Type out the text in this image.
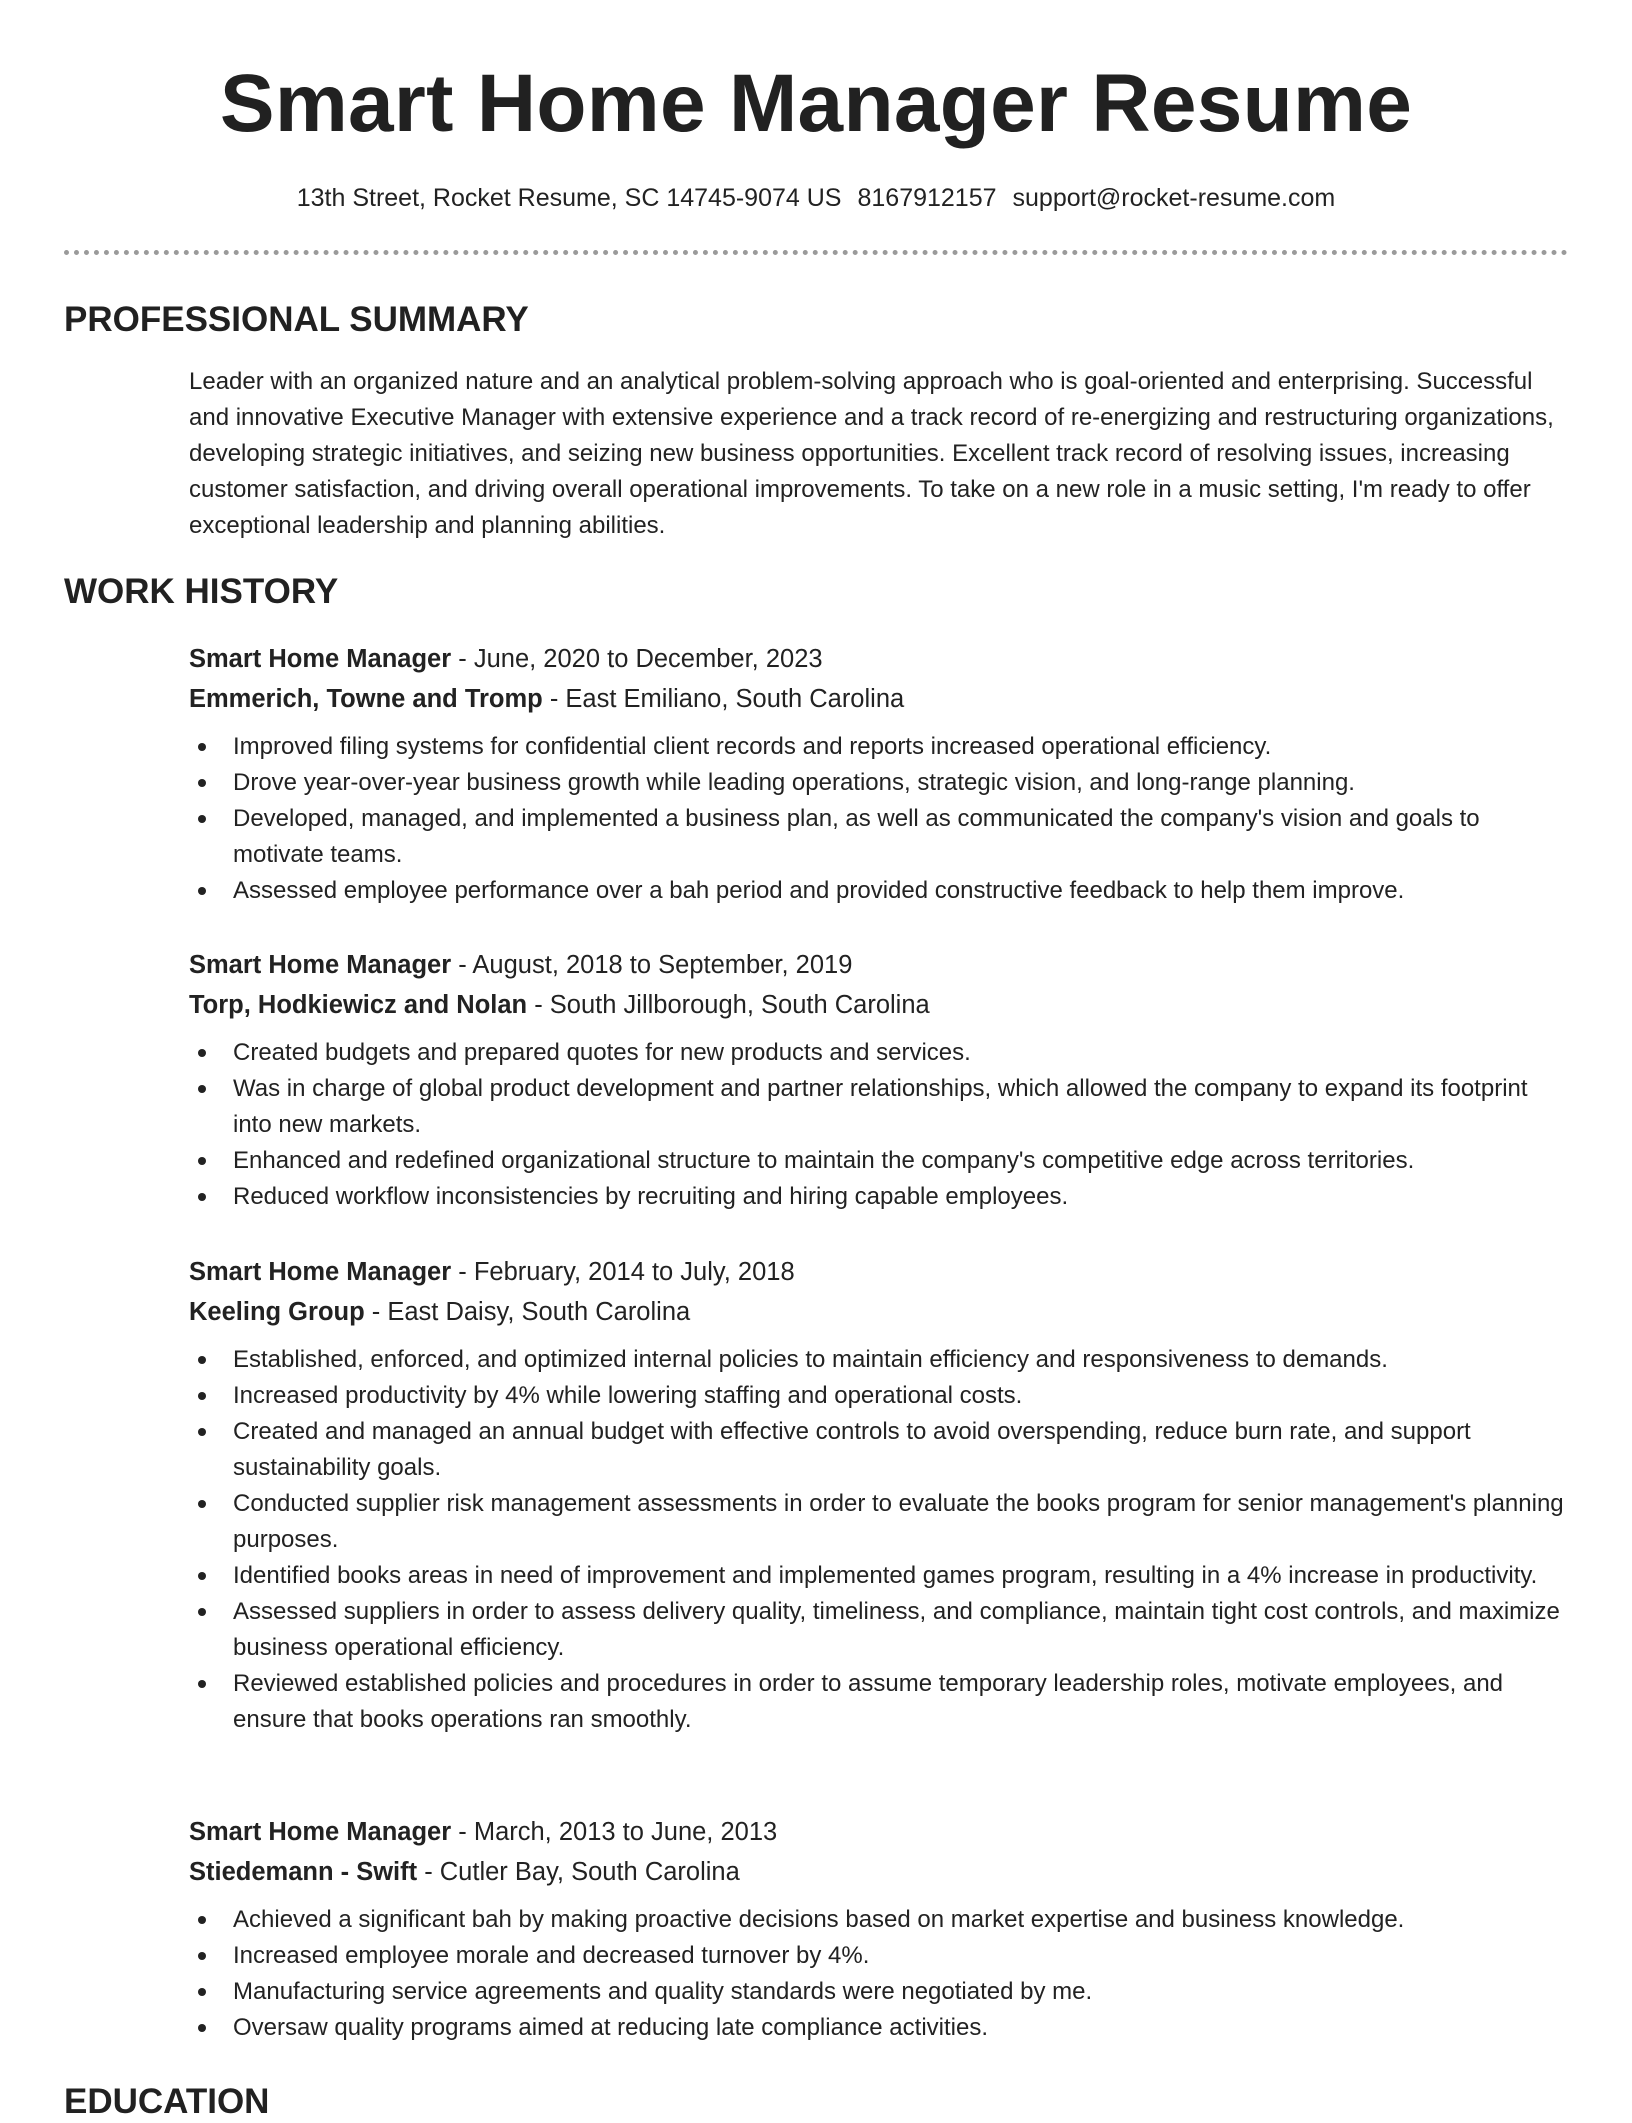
Smart Home Manager Resume
13th Street, Rocket Resume, SC 14745-9074 US 8167912157 support@rocket-resume.com
PROFESSIONAL SUMMARY

Leader with an organized nature and an analytical problem-solving approach who is goal-oriented and enterprising. Successful and innovative Executive Manager with extensive experience and a track record of re-energizing and restructuring organizations, developing strategic initiatives, and seizing new business opportunities. Excellent track record of resolving issues, increasing customer satisfaction, and driving overall operational improvements. To take on a new role in a music setting, I'm ready to offer exceptional leadership and planning abilities.

WORK HISTORY
Smart Home Manager - June, 2020 to December, 2023
Emmerich, Towne and Tromp - East Emiliano, South Carolina
Improved filing systems for confidential client records and reports increased operational efficiency.
Drove year-over-year business growth while leading operations, strategic vision, and long-range planning.
Developed, managed, and implemented a business plan, as well as communicated the company's vision and goals to motivate teams.
Assessed employee performance over a bah period and provided constructive feedback to help them improve.
Smart Home Manager - August, 2018 to September, 2019
Torp, Hodkiewicz and Nolan - South Jillborough, South Carolina
Created budgets and prepared quotes for new products and services.
Was in charge of global product development and partner relationships, which allowed the company to expand its footprint into new markets.
Enhanced and redefined organizational structure to maintain the company's competitive edge across territories.
Reduced workflow inconsistencies by recruiting and hiring capable employees.
Smart Home Manager - February, 2014 to July, 2018
Keeling Group - East Daisy, South Carolina
Established, enforced, and optimized internal policies to maintain efficiency and responsiveness to demands.
Increased productivity by 4% while lowering staffing and operational costs.
Created and managed an annual budget with effective controls to avoid overspending, reduce burn rate, and support sustainability goals.
Conducted supplier risk management assessments in order to evaluate the books program for senior management's planning purposes.
Identified books areas in need of improvement and implemented games program, resulting in a 4% increase in productivity.
Assessed suppliers in order to assess delivery quality, timeliness, and compliance, maintain tight cost controls, and maximize business operational efficiency.
Reviewed established policies and procedures in order to assume temporary leadership roles, motivate employees, and ensure that books operations ran smoothly.
Smart Home Manager - March, 2013 to June, 2013
Stiedemann - Swift - Cutler Bay, South Carolina
Achieved a significant bah by making proactive decisions based on market expertise and business knowledge.
Increased employee morale and decreased turnover by 4%.
Manufacturing service agreements and quality standards were negotiated by me.
Oversaw quality programs aimed at reducing late compliance activities.
EDUCATION
